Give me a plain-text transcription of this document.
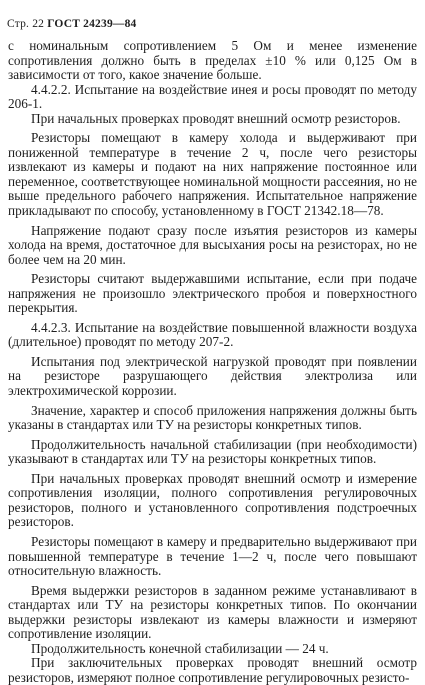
Стр. 22 ГОСТ 24239—84

с номинальным сопротивлением 5 Ом и менее изменение сопротивления должно быть в пределах ±10 % или 0,125 Ом в зависимости от того, какое значение больше.

4.4.2.2. Испытание на воздействие инея и росы проводят по методу 206-1.

При начальных проверках проводят внешний осмотр резисторов.

Резисторы помещают в камеру холода и выдерживают при пониженной температуре в течение 2 ч, после чего резисторы извлекают из камеры и подают на них напряжение постоянное или переменное, соответствующее номинальной мощности рассеяния, но не выше предельного рабочего напряжения. Испытательное напряжение прикладывают по способу, установленному в ГОСТ 21342.18—78.

Напряжение подают сразу после изъятия резисторов из камеры холода на время, достаточное для высыхания росы на резисторах, но не более чем на 20 мин.

Резисторы считают выдержавшими испытание, если при подаче напряжения не произошло электрического пробоя и поверхностного перекрытия.

4.4.2.3. Испытание на воздействие повышенной влажности воздуха (длительное) проводят по методу 207-2.

Испытания под электрической нагрузкой проводят при появлении на резисторе разрушающего действия электролиза или электрохимической коррозии.

Значение, характер и способ приложения напряжения должны быть указаны в стандартах или ТУ на резисторы конкретных типов.

Продолжительность начальной стабилизации (при необходимости) указывают в стандартах или ТУ на резисторы конкретных типов.

При начальных проверках проводят внешний осмотр и измерение сопротивления изоляции, полного сопротивления регулировочных резисторов, полного и установленного сопротивления подстроечных резисторов.

Резисторы помещают в камеру и предварительно выдерживают при повышенной температуре в течение 1—2 ч, после чего повышают относительную влажность.

Время выдержки резисторов в заданном режиме устанавливают в стандартах или ТУ на резисторы конкретных типов. По окончании выдержки резисторы извлекают из камеры влажности и измеряют сопротивление изоляции.

Продолжительность конечной стабилизации — 24 ч.

При заключительных проверках проводят внешний осмотр резисторов, измеряют полное сопротивление регулировочных резисто-
